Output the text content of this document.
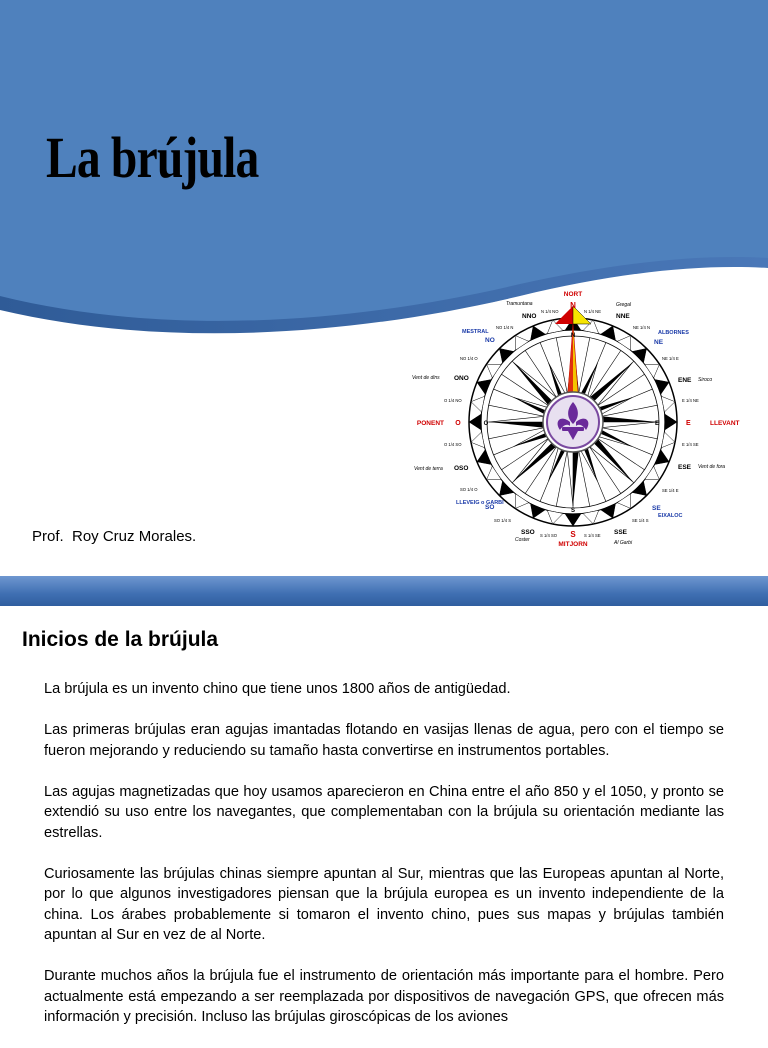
La brújula
Prof.  Roy Cruz Morales.
NORT
N
N
MITJORN
S
S
LLEVANT
E
E
PONENT O	O
NNE
NE
ENE
ESE
SE
SSE
SSO
SO
OSO
ONO
NO
NNO
Tramuntana	Gregal
Vent de dins	Siroco
Vent de terra	Vent de fora
Coster	Al Garbi
MESTRAL	ALBORNES
EIXALOC
LLEVEIG o GARBI
N 1/4 NO	N 1/4 NE
NE 1/4 N
NE 1/4 E
E 1/4 NE
E 1/4 SE
SE 1/4 E
SE 1/4 S
S 1/4 SE
S 1/4 SO
SO 1/4 S
SO 1/4 O
O 1/4 SO
O 1/4 NO
NO 1/4 O
NO 1/4 N
Inicios de la brújula

La brújula es un invento chino que tiene unos 1800 años de antigüedad.

Las primeras brújulas eran agujas imantadas flotando en vasijas llenas de agua, pero con el tiempo se fueron mejorando y reduciendo su tamaño hasta convertirse en instrumentos portables.

Las agujas magnetizadas que hoy usamos aparecieron en China entre el año 850 y el 1050, y pronto se extendió su uso entre los navegantes, que complementaban con la brújula su orientación mediante las estrellas.

Curiosamente las brújulas chinas siempre apuntan al Sur, mientras que las Europeas apuntan al Norte, por lo que algunos investigadores piensan que la brújula europea es un invento independiente de la china. Los árabes probablemente si tomaron el invento chino, pues sus mapas y brújulas también apuntan al Sur en vez de al Norte.

Durante muchos años la brújula fue el instrumento de orientación más importante para el hombre. Pero actualmente está empezando a ser reemplazada por dispositivos de navegación GPS, que ofrecen más información y precisión. Incluso las brújulas giroscópicas de los aviones
